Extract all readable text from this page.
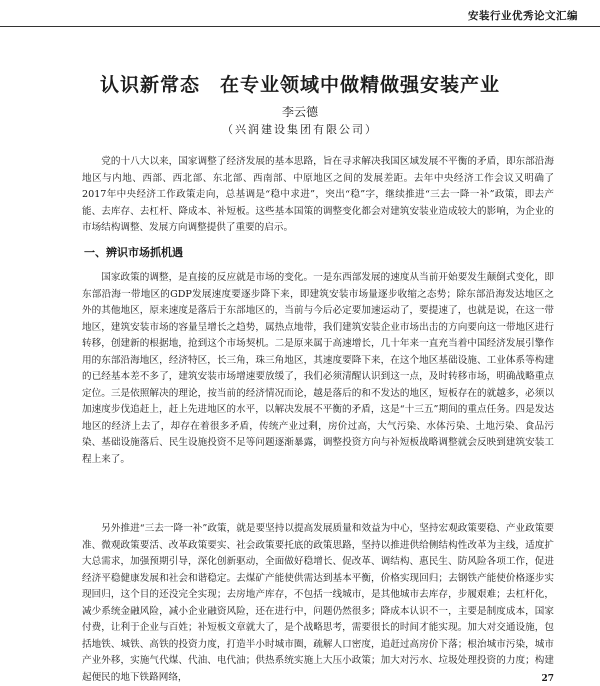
安装行业优秀论文汇编
认识新常态　在专业领域中做精做强安装产业
李云德
（兴润建设集团有限公司）

党的十八大以来，国家调整了经济发展的基本思路，旨在寻求解决我国区域发展不平衡的矛盾，即东部沿海地区与内地、西部、西北部、东北部、西南部、中原地区之间的发展差距。去年中央经济工作会议又明确了2017年中央经济工作政策走向，总基调是“稳中求进”，突出“稳”字，继续推进“三去一降一补”政策，即去产能、去库存、去杠杆、降成本、补短板。这些基本国策的调整变化都会对建筑安装业造成较大的影响，为企业的市场结构调整、发展方向调整提供了重要的启示。

一、辨识市场抓机遇

国家政策的调整，是直接的反应就是市场的变化。一是东西部发展的速度从当前开始要发生颠倒式变化，即东部沿海一带地区的GDP发展速度要逐步降下来，即建筑安装市场量逐步收缩之态势；除东部沿海发达地区之外的其他地区，原来速度是落后于东部地区的，当前与今后必定要加速运动了，要提速了，也就是说，在这一带地区，建筑安装市场的容量呈增长之趋势，属热点地带，我们建筑安装企业市场出击的方向要向这一带地区进行转移，创建新的根据地，抢到这个市场契机。二是原来属于高速增长，几十年来一直充当着中国经济发展引擎作用的东部沿海地区，经济特区，长三角，珠三角地区，其速度要降下来，在这个地区基础设施、工业体系等构建的已经基本差不多了，建筑安装市场增速要放缓了，我们必须清醒认识到这一点，及时转移市场，明确战略重点定位。三是依照解决的理论，按当前的经济情况而论，越是落后的和不发达的地区，短板存在的就越多，必须以加速度步伐追赶上，赶上先进地区的水平，以解决发展不平衡的矛盾，这是“十三五”期间的重点任务。四是发达地区的经济上去了，却存在着很多矛盾，传统产业过剩，房价过高，大气污染、水体污染、土地污染、食品污染、基础设施落后、民生设施投资不足等问题逐渐暴露，调整投资方向与补短板战略调整就会反映到建筑安装工程上来了。

另外推进“三去一降一补”政策，就是要坚持以提高发展质量和效益为中心，坚持宏观政策要稳、产业政策要准、微观政策要活、改革政策要实、社会政策要托底的政策思路，坚持以推进供给侧结构性改革为主线，适度扩大总需求，加强预期引导，深化创新驱动，全面做好稳增长、促改革、调结构、惠民生、防风险各项工作，促进经济平稳健康发展和社会和谐稳定。去煤矿产能使供需达到基本平衡，价格实现回归；去钢铁产能使价格逐步实现回归，这个目的还没完全实现；去房地产库存，不包括一线城市，是其他城市去库存，步履艰难；去杠杆化，减少系统金融风险，减小企业融资风险，还在进行中，问题仍然很多；降成本认识不一，主要是制度成本，国家付费，让利于企业与百姓；补短板文章就大了，是个战略思考，需要很长的时间才能实现。加大对交通设施，包括地铁、城铁、高铁的投资力度，打造半小时城市圈，疏解人口密度，追赶过高房价下落；根治城市污染，城市产业外移，实施气代煤、代油、电代油；供热系统实施上大压小政策；加大对污水、垃圾处理投资的力度；构建起便民的地下铁路网络，	27
